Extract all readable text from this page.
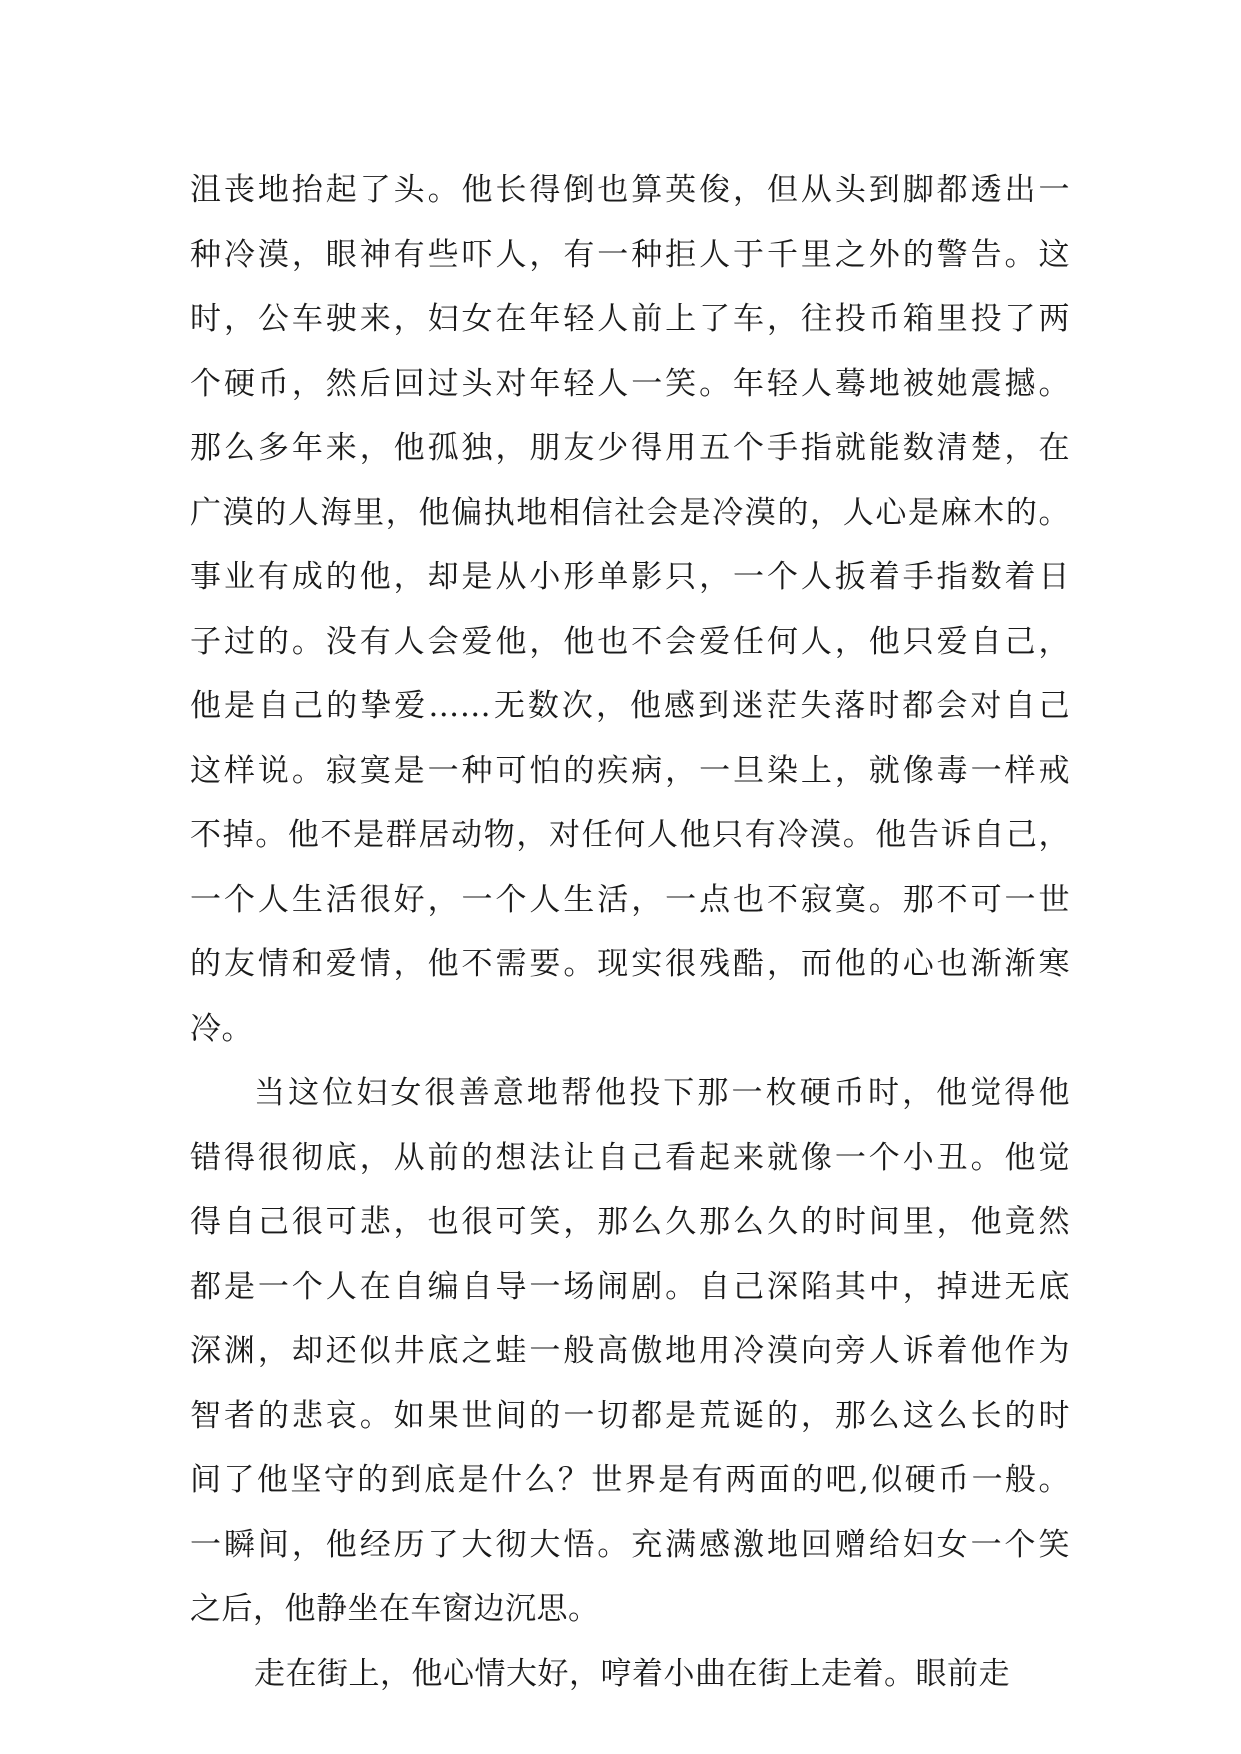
沮丧地抬起了头。他长得倒也算英俊，但从头到脚都透出一
种冷漠，眼神有些吓人，有一种拒人于千里之外的警告。这
时，公车驶来，妇女在年轻人前上了车，往投币箱里投了两
个硬币，然后回过头对年轻人一笑。年轻人蓦地被她震撼。
那么多年来，他孤独，朋友少得用五个手指就能数清楚，在
广漠的人海里，他偏执地相信社会是冷漠的，人心是麻木的。
事业有成的他，却是从小形单影只，一个人扳着手指数着日
子过的。没有人会爱他，他也不会爱任何人，他只爱自己，
他是自己的挚爱……无数次，他感到迷茫失落时都会对自己
这样说。寂寞是一种可怕的疾病，一旦染上，就像毒一样戒
不掉。他不是群居动物，对任何人他只有冷漠。他告诉自己，
一个人生活很好，一个人生活，一点也不寂寞。那不可一世
的友情和爱情，他不需要。现实很残酷，而他的心也渐渐寒
冷。
当这位妇女很善意地帮他投下那一枚硬币时，他觉得他
错得很彻底，从前的想法让自己看起来就像一个小丑。他觉
得自己很可悲，也很可笑，那么久那么久的时间里，他竟然
都是一个人在自编自导一场闹剧。自己深陷其中，掉进无底
深渊，却还似井底之蛙一般高傲地用冷漠向旁人诉着他作为
智者的悲哀。如果世间的一切都是荒诞的，那么这么长的时
间了他坚守的到底是什么？世界是有两面的吧,似硬币一般。
一瞬间，他经历了大彻大悟。充满感激地回赠给妇女一个笑
之后，他静坐在车窗边沉思。
走在街上，他心情大好，哼着小曲在街上走着。眼前走
